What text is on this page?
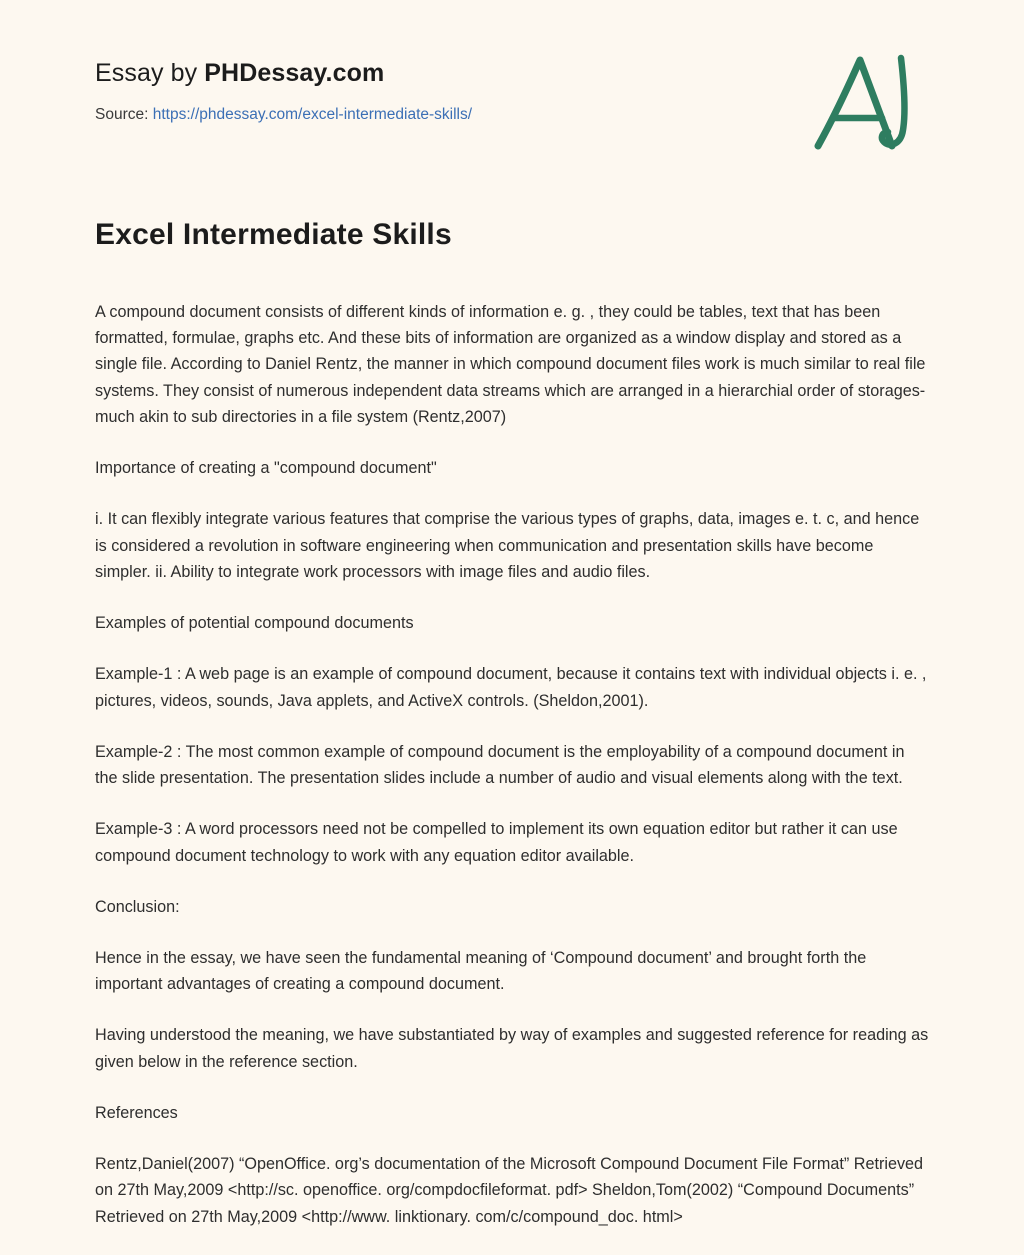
Essay by PHDessay.com
Source: https://phdessay.com/excel-intermediate-skills/
Excel Intermediate Skills

A compound document consists of different kinds of information e. g. , they could be tables, text that has been formatted, formulae, graphs etc. And these bits of information are organized as a window display and stored as a single file. According to Daniel Rentz, the manner in which compound document files work is much similar to real file systems. They consist of numerous independent data streams which are arranged in a hierarchial order of storages-much akin to sub directories in a file system (Rentz,2007)

Importance of creating a "compound document"

i. It can flexibly integrate various features that comprise the various types of graphs, data, images e. t. c, and hence is considered a revolution in software engineering when communication and presentation skills have become simpler. ii. Ability to integrate work processors with image files and audio files.

Examples of potential compound documents

Example-1 : A web page is an example of compound document, because it contains text with individual objects i. e. , pictures, videos, sounds, Java applets, and ActiveX controls. (Sheldon,2001).

Example-2 : The most common example of compound document is the employability of a compound document in the slide presentation. The presentation slides include a number of audio and visual elements along with the text.

Example-3 : A word processors need not be compelled to implement its own equation editor but rather it can use compound document technology to work with any equation editor available.

Conclusion:

Hence in the essay, we have seen the fundamental meaning of ‘Compound document’ and brought forth the important advantages of creating a compound document.

Having understood the meaning, we have substantiated by way of examples and suggested reference for reading as given below in the reference section.

References

Rentz,Daniel(2007) “OpenOffice. org’s documentation of the Microsoft Compound Document File Format” Retrieved on 27th May,2009 <http://sc. openoffice. org/compdocfileformat. pdf> Sheldon,Tom(2002) “Compound Documents” Retrieved on 27th May,2009 <http://www. linktionary. com/c/compound_doc. html>
